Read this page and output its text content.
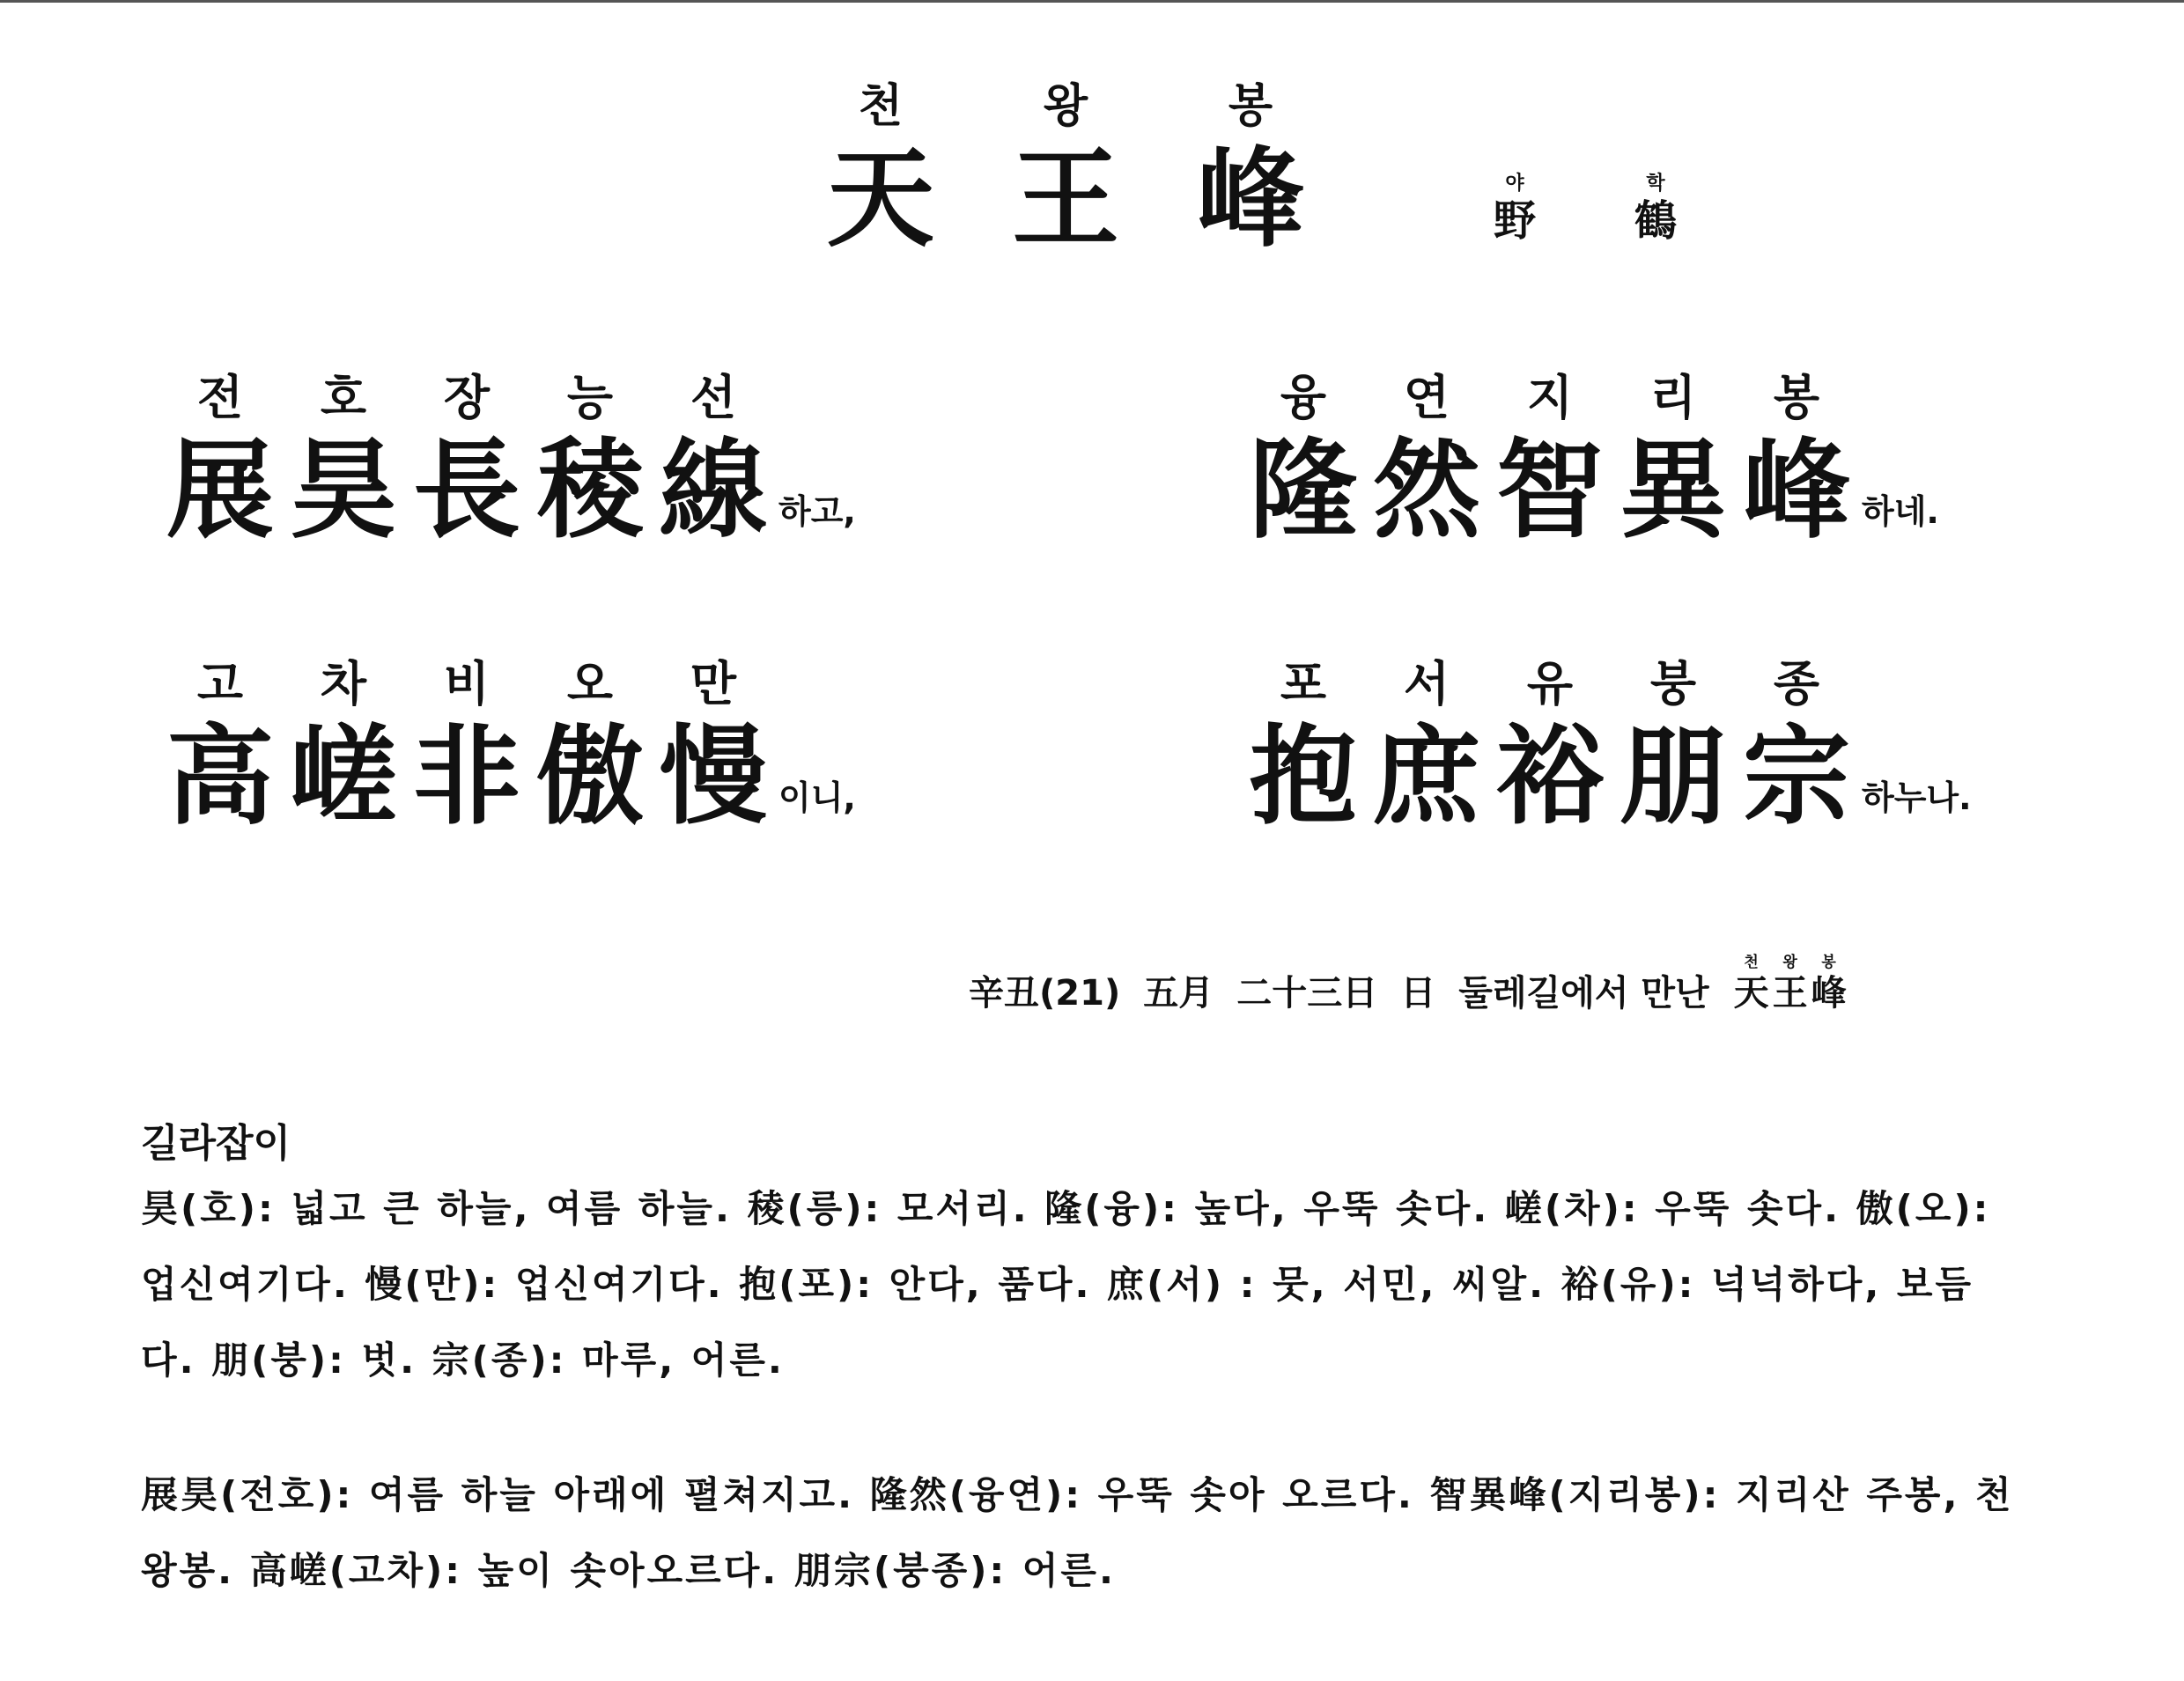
천
天
왕
王
봉
峰	야
野
학
鶴
전
展
호
昊
장
長
능
稜
선
線 하고,
융
隆
연
然
지
智
리
異
봉
峰 하네.
고
高
차
嵯
비
非
오
傲
만
慢 이니,
포
抱
서
庶
유
裕
붕
朋
종
宗 하누나.
辛丑(21) 五月 二十三日 日 둘레길에서 만난
천
天
왕
王
봉
峰
길라잡이
昊(호): 넓고 큰 하늘, 여름 하늘. 稜(릉): 모서리. 隆(융): 높다, 우뚝 솟다. 嵯(차): 우뚝 솟다. 傲(오): 업신여기다. 慢(만): 업신여기다. 抱(포): 안다, 품다. 庶(서) : 뭇, 서민, 씨알. 裕(유): 넉넉하다, 보듬다. 朋(붕): 벗. 宗(종): 마루, 어른.
展昊(전호): 여름 하늘 아래에 펼쳐지고. 隆然(융연): 우뚝 솟아 오르다. 智異峰(지리봉): 지리산 주봉, 천왕봉. 高嵯(고차): 높이 솟아오르다. 朋宗(붕종): 어른.
